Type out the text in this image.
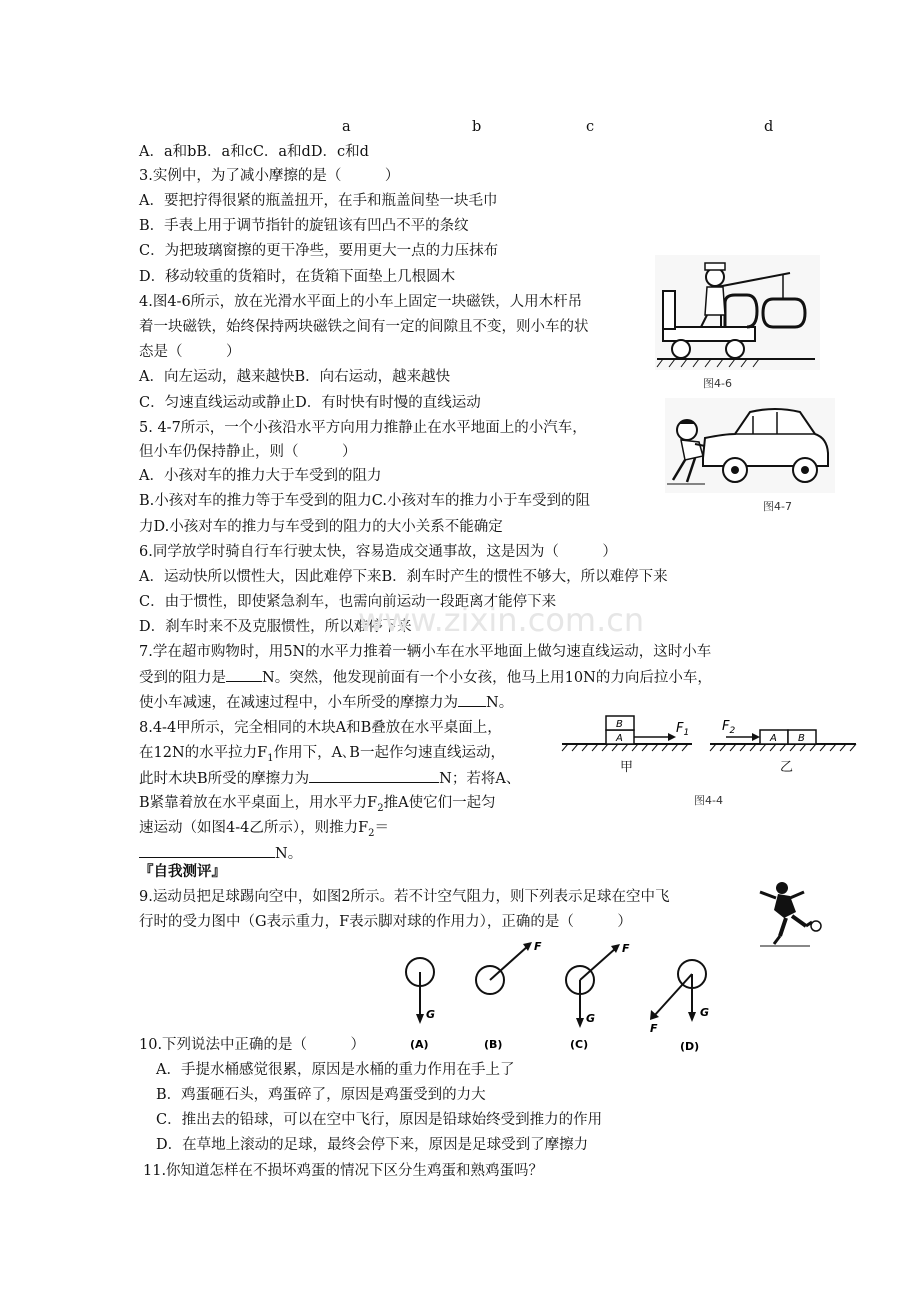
a	b	c	d
A．a和bB．a和cC．a和dD．c和d
3.实例中，为了减小摩擦的是（　　　）
A．要把拧得很紧的瓶盖扭开，在手和瓶盖间垫一块毛巾
B．手表上用于调节指针的旋钮该有凹凸不平的条纹
C．为把玻璃窗擦的更干净些，要用更大一点的力压抹布
D．移动较重的货箱时，在货箱下面垫上几根圆木
4.图4-6所示，放在光滑水平面上的小车上固定一块磁铁，人用木杆吊
着一块磁铁，始终保持两块磁铁之间有一定的间隙且不变，则小车的状
态是（　　　）
A．向左运动，越来越快B．向右运动，越来越快
C．匀速直线运动或静止D．有时快有时慢的直线运动
图4-6
5. 4-7所示，一个小孩沿水平方向用力推静止在水平地面上的小汽车，
但小车仍保持静止，则（　　　）
A．小孩对车的推力大于车受到的阻力
B.小孩对车的推力等于车受到的阻力C.小孩对车的推力小于车受到的阻
力D.小孩对车的推力与车受到的阻力的大小关系不能确定
图4-7
6.同学放学时骑自行车行驶太快，容易造成交通事故，这是因为（　　　）
A．运动快所以惯性大，因此难停下来B．刹车时产生的惯性不够大，所以难停下来
C．由于惯性，即使紧急刹车，也需向前运动一段距离才能停下来
D．刹车时来不及克服惯性，所以难停下来
www.zixin.com.cn
7.学在超市购物时，用5N的水平力推着一辆小车在水平地面上做匀速直线运动，这时小车
受到的阻力是 N。突然，他发现前面有一个小女孩，他马上用10N的力向后拉小车，
使小车减速，在减速过程中，小车所受的摩擦力为 N。
8.4-4甲所示，完全相同的木块A和B叠放在水平桌面上，
在12N的水平拉力$F_1$作用下，A､B一起作匀速直线运动，
此时木块B所受的摩擦力为	N；若将A、
B紧靠着放在水平桌面上，用水平力$F_2$推A使它们一起匀
速运动（如图4-4乙所示），则推力$F_2=$
N。
A
B	$F_1$	A B
$F_2$
甲	乙
图4-4
『自我测评』
9.运动员把足球踢向空中，如图2所示。若不计空气阻力，则下列表示足球在空中飞
行时的受力图中（G表示重力，F表示脚对球的作用力），正确的是（　　　）
G
F	F
G	G
F
(A)	(B)	(C)	(D)
10.下列说法中正确的是（　　　）
A．手提水桶感觉很累，原因是水桶的重力作用在手上了
B．鸡蛋砸石头，鸡蛋碎了，原因是鸡蛋受到的力大
C．推出去的铅球，可以在空中飞行，原因是铅球始终受到推力的作用
D．在草地上滚动的足球，最终会停下来，原因是足球受到了摩擦力
11.你知道怎样在不损坏鸡蛋的情况下区分生鸡蛋和熟鸡蛋吗？
